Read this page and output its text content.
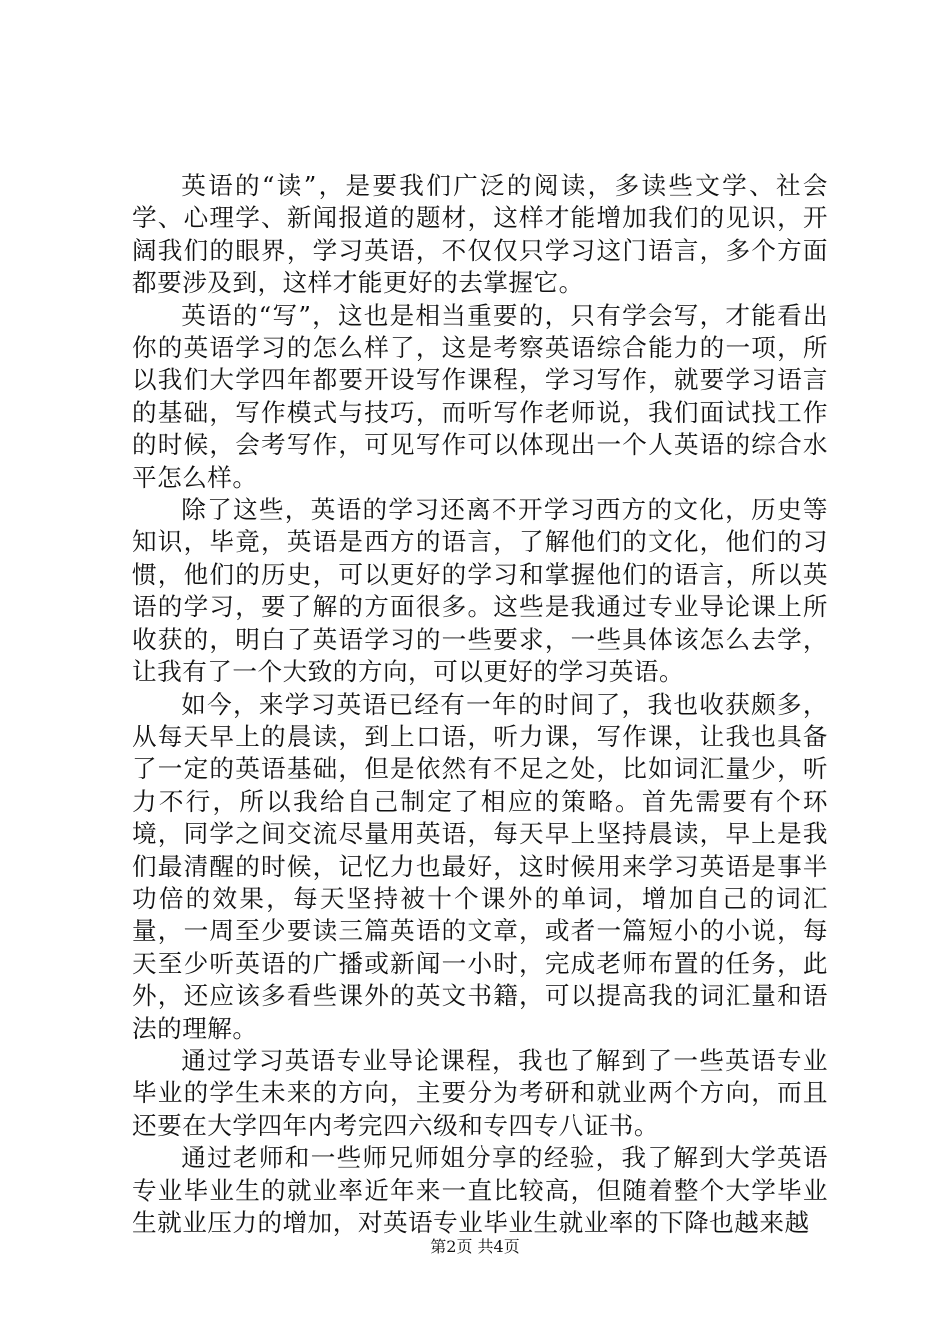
英语的“读”，是要我们广泛的阅读，多读些文学、社会学、心理学、新闻报道的题材，这样才能增加我们的见识，开阔我们的眼界，学习英语，不仅仅只学习这门语言，多个方面都要涉及到，这样才能更好的去掌握它。

英语的“写”，这也是相当重要的，只有学会写，才能看出你的英语学习的怎么样了，这是考察英语综合能力的一项，所以我们大学四年都要开设写作课程，学习写作，就要学习语言的基础，写作模式与技巧，而听写作老师说，我们面试找工作的时候，会考写作，可见写作可以体现出一个人英语的综合水平怎么样。

除了这些，英语的学习还离不开学习西方的文化，历史等知识，毕竟，英语是西方的语言，了解他们的文化，他们的习惯，他们的历史，可以更好的学习和掌握他们的语言，所以英语的学习，要了解的方面很多。这些是我通过专业导论课上所收获的，明白了英语学习的一些要求，一些具体该怎么去学，让我有了一个大致的方向，可以更好的学习英语。

如今，来学习英语已经有一年的时间了，我也收获颇多，从每天早上的晨读，到上口语，听力课，写作课，让我也具备了一定的英语基础，但是依然有不足之处，比如词汇量少，听力不行，所以我给自己制定了相应的策略。首先需要有个环境，同学之间交流尽量用英语，每天早上坚持晨读，早上是我们最清醒的时候，记忆力也最好，这时候用来学习英语是事半功倍的效果，每天坚持被十个课外的单词，增加自己的词汇量，一周至少要读三篇英语的文章，或者一篇短小的小说，每天至少听英语的广播或新闻一小时，完成老师布置的任务，此外，还应该多看些课外的英文书籍，可以提高我的词汇量和语法的理解。

通过学习英语专业导论课程，我也了解到了一些英语专业毕业的学生未来的方向，主要分为考研和就业两个方向，而且还要在大学四年内考完四六级和专四专八证书。

通过老师和一些师兄师姐分享的经验，我了解到大学英语专业毕业生的就业率近年来一直比较高，但随着整个大学毕业生就业压力的增加，对英语专业毕业生就业率的下降也越来越

第2页 共4页
